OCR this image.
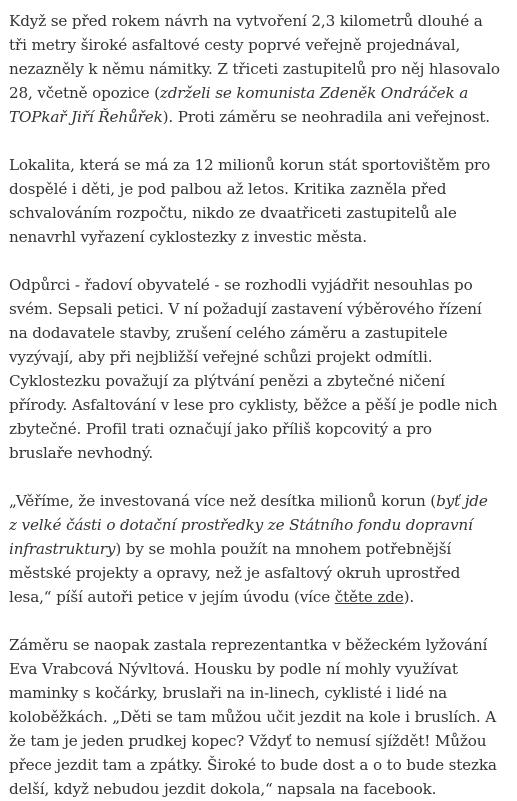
Když se před rokem návrh na vytvoření 2,3 kilometrů dlouhé a tři metry široké asfaltové cesty poprvé veřejně projednával, nezazněly k němu námitky. Z třiceti zastupitelů pro něj hlasovalo 28, včetně opozice (zdrželi se komunista Zdeněk Ondráček a TOPkař Jiří Řehůřek). Proti záměru se neohradila ani veřejnost.

Lokalita, která se má za 12 milionů korun stát sportovištěm pro dospělé i děti, je pod palbou až letos. Kritika zazněla před schvalováním rozpočtu, nikdo ze dvaatřiceti zastupitelů ale nenavrhl vyřazení cyklostezky z investic města.

Odpůrci - řadoví obyvatelé - se rozhodli vyjádřit nesouhlas po svém. Sepsali petici. V ní požadují zastavení výběrového řízení na dodavatele stavby, zrušení celého záměru a zastupitele vyzývají, aby při nejbližší veřejné schůzi projekt odmítli. Cyklostezku považují za plýtvání penězi a zbytečné ničení přírody. Asfaltování v lese pro cyklisty, běžce a pěší je podle nich zbytečné. Profil trati označují jako příliš kopcovitý a pro bruslaře nevhodný.

„Věříme, že investovaná více než desítka milionů korun (byť jde z velké části o dotační prostředky ze Státního fondu dopravní infrastruktury) by se mohla použít na mnohem potřebnější městské projekty a opravy, než je asfaltový okruh uprostřed lesa,“ píší autoři petice v jejím úvodu (více čtěte zde).

Záměru se naopak zastala reprezentantka v běžeckém lyžování Eva Vrabcová Nývltová. Housku by podle ní mohly využívat maminky s kočárky, bruslaři na in-linech, cyklisté i lidé na koloběžkách. „Děti se tam můžou učit jezdit na kole i bruslích. A že tam je jeden prudkej kopec? Vždyť to nemusí sjíždět! Můžou přece jezdit tam a zpátky. Široké to bude dost a o to bude stezka delší, když nebudou jezdit dokola,“ napsala na facebook.
